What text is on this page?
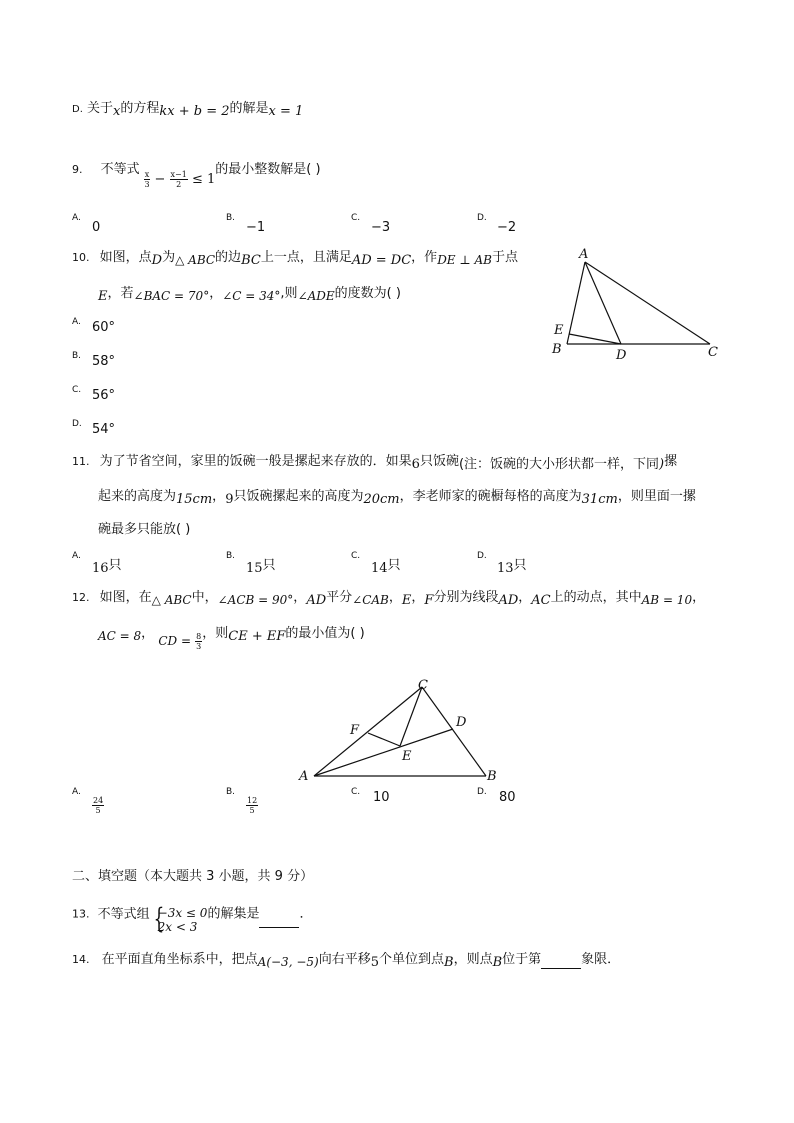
D. 关于x的方程kx + b = 2的解是x = 1
9. 不等式
$\frac{x}{3} - \frac{x-1}{2} \le 1$的最小整数解是( )
A.
0
B.
−1
C.
−3
D.
−2
10. 如图，点D为△ ABC的边BC上一点，且满足AD = DC，作DE ⊥ AB于点
E，若∠BAC = 70°，∠C = 34°,则∠ADE的度数为( )
A. 60°
B. 58°
C. 56°
D. 54°
A
B	C
D
E
11. 为了节省空间，家里的饭碗一般是摞起来存放的．如果6只饭碗(注：饭碗的大小形状都一样，下同)摞
起来的高度为15cm，9只饭碗摞起来的高度为20cm，李老师家的碗橱每格的高度为31cm，则里面一摞
碗最多只能放( )
A.
16只
B.
15只
C.
14只
D.
13只
12. 如图，在△ ABC中，∠ACB = 90°，AD平分∠CAB，E，F分别为线段AD，AC上的动点，其中AB = 10，
AC = 8， CD = $\frac{8}{3}$ ，则CE + EF的最小值为( )
C
A	B
D
E
F
A.
$\frac{24}{5}$
B.
$\frac{12}{5}$
C. 10	D. 80
二、填空题（本大题共 3 小题，共 9 分）
13. 不等式组 {
−3x ≤ 0
2x < 3
的解集是	．
14. 在平面直角坐标系中，把点A(−3, −5)向右平移5个单位到点B，则点B位于第	象限．
